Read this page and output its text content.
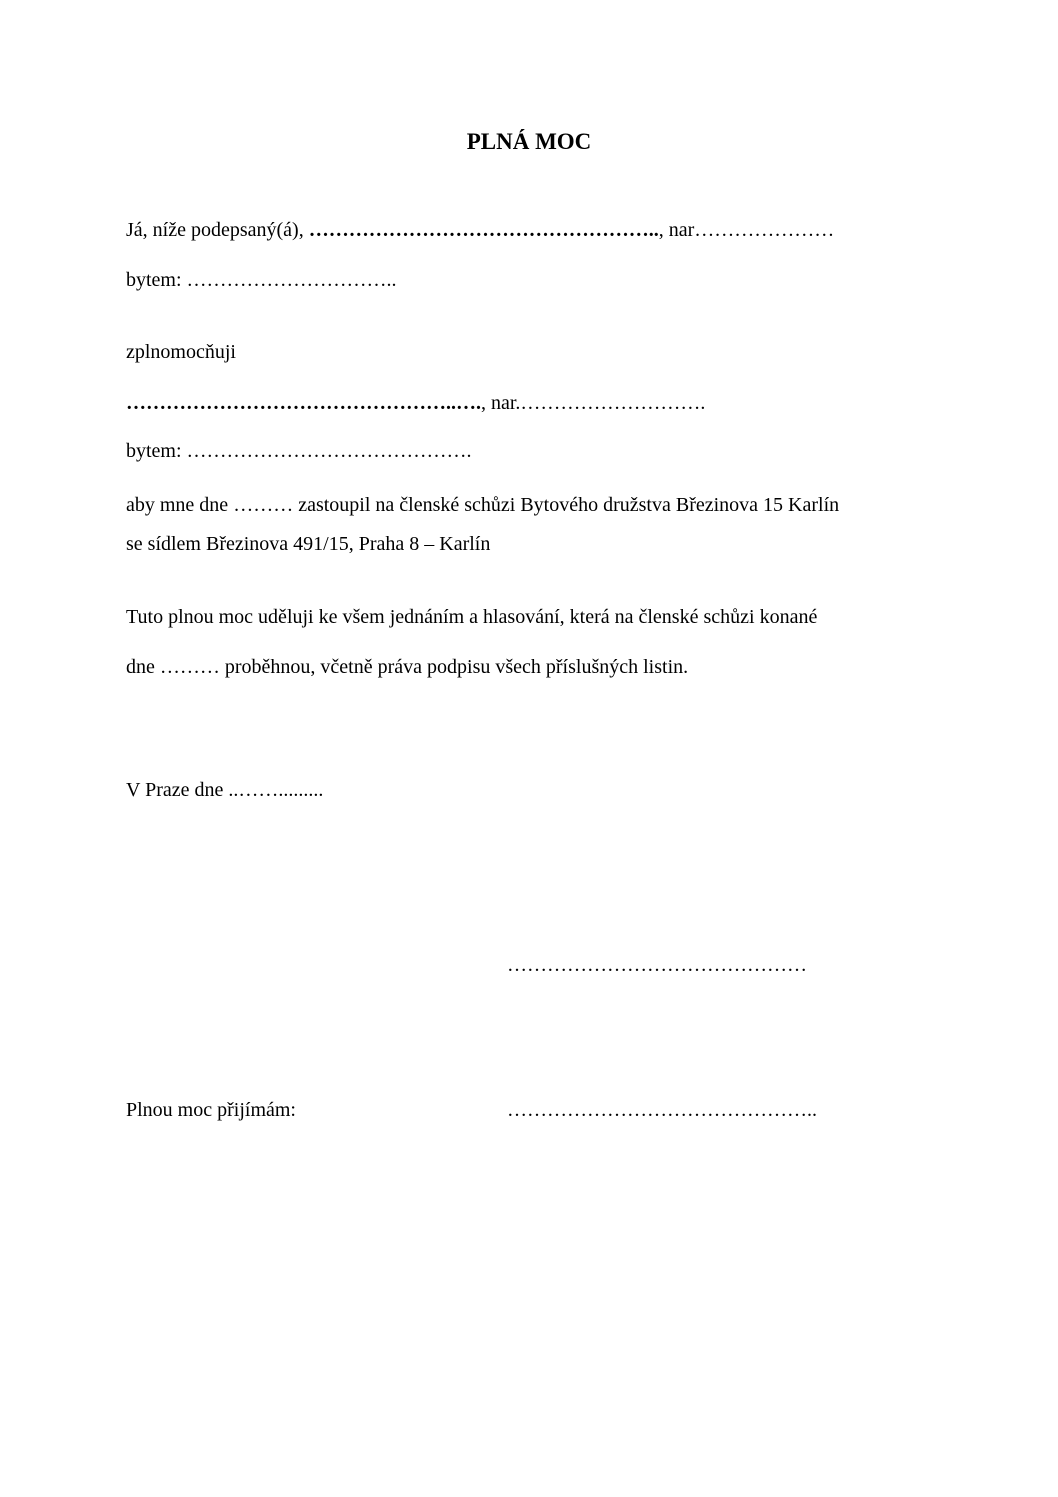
PLNÁ MOC
Já, níže podepsaný(á), …………………………………………….., nar…………………
bytem: …………………………..
zplnomocňuji
…………………………………………..…., nar.……………………….
bytem: …………………………………….
aby mne dne ……… zastoupil na členské schůzi Bytového družstva Březinova 15 Karlín
se sídlem Březinova 491/15, Praha 8 – Karlín
Tuto plnou moc uděluji ke všem jednáním a hlasování, která na členské schůzi konané
dne ……… proběhnou, včetně práva podpisu všech příslušných listin.
V Praze dne ..…….........
………………………………………
Plnou moc přijímám:	………………………………………..
